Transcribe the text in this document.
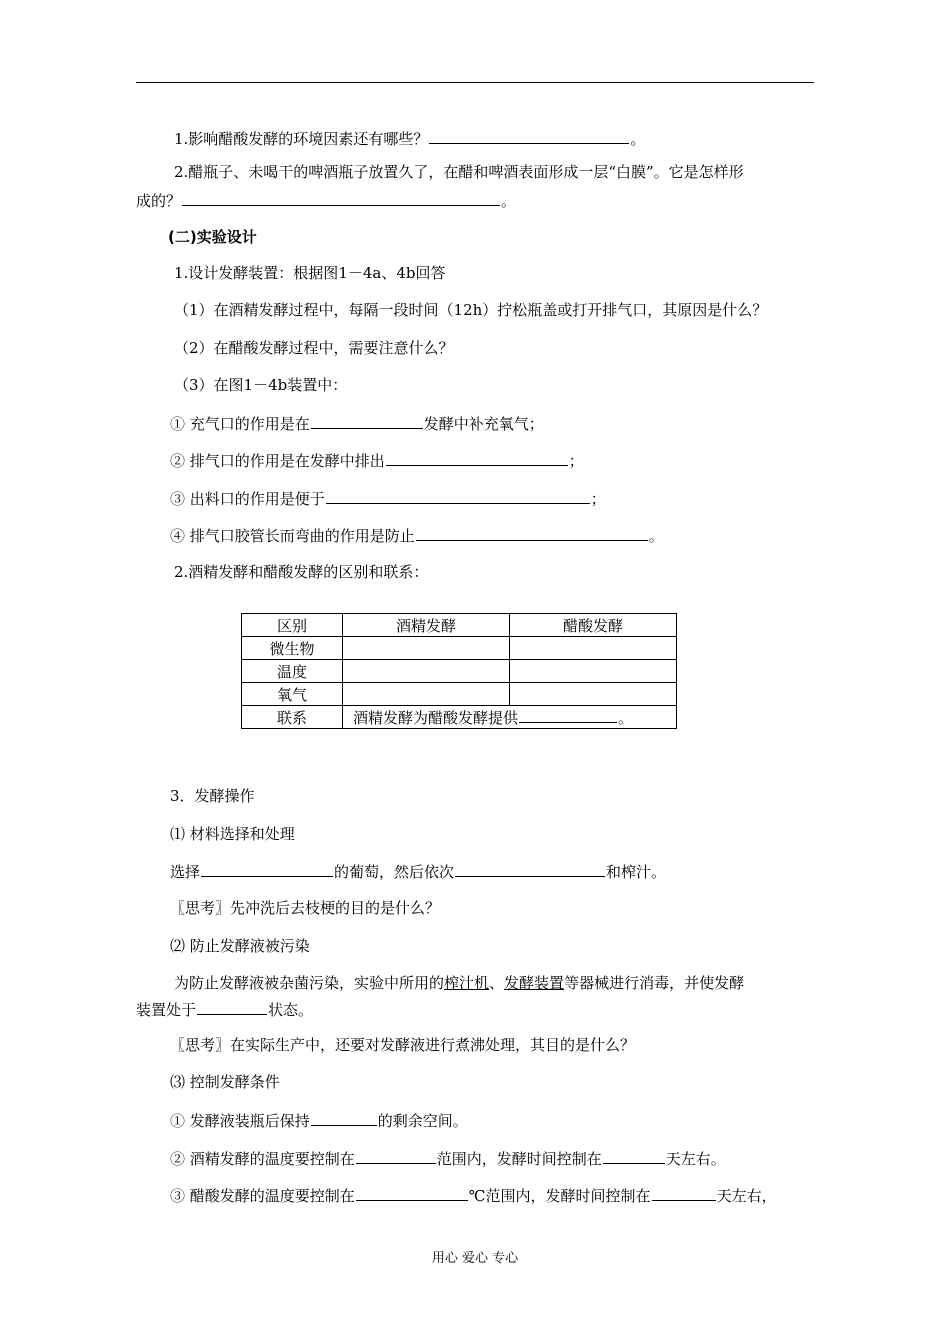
1.影响醋酸发酵的环境因素还有哪些？	。
2.醋瓶子、未喝干的啤酒瓶子放置久了，在醋和啤酒表面形成一层“白膜”。它是怎样形
成的？	。
(二)实验设计
1.设计发酵装置：根据图1－4a、4b回答
（1）在酒精发酵过程中，每隔一段时间（12h）拧松瓶盖或打开排气口，其原因是什么？
（2）在醋酸发酵过程中，需要注意什么？
（3）在图1－4b装置中：
① 充气口的作用是在	发酵中补充氧气；
② 排气口的作用是在发酵中排出	；
③ 出料口的作用是便于	；
④ 排气口胶管长而弯曲的作用是防止	。
2.酒精发酵和醋酸发酵的区别和联系：
区别	酒精发酵	醋酸发酵
微生物		
温度		
氧气		
联系	酒精发酵为醋酸发酵提供 。	
3．发酵操作
⑴ 材料选择和处理
选择	的葡萄，然后依次	和榨汁。
〖思考〗先冲洗后去枝梗的目的是什么？
⑵ 防止发酵液被污染
为防止发酵液被杂菌污染，实验中所用的榨汁机、发酵装置等器械进行消毒，并使发酵
装置处于	状态。
〖思考〗在实际生产中，还要对发酵液进行煮沸处理，其目的是什么？
⑶ 控制发酵条件
① 发酵液装瓶后保持	的剩余空间。
② 酒精发酵的温度要控制在	范围内，发酵时间控制在	天左右。
③ 醋酸发酵的温度要控制在	℃范围内，发酵时间控制在	天左右，
用心 爱心 专心
